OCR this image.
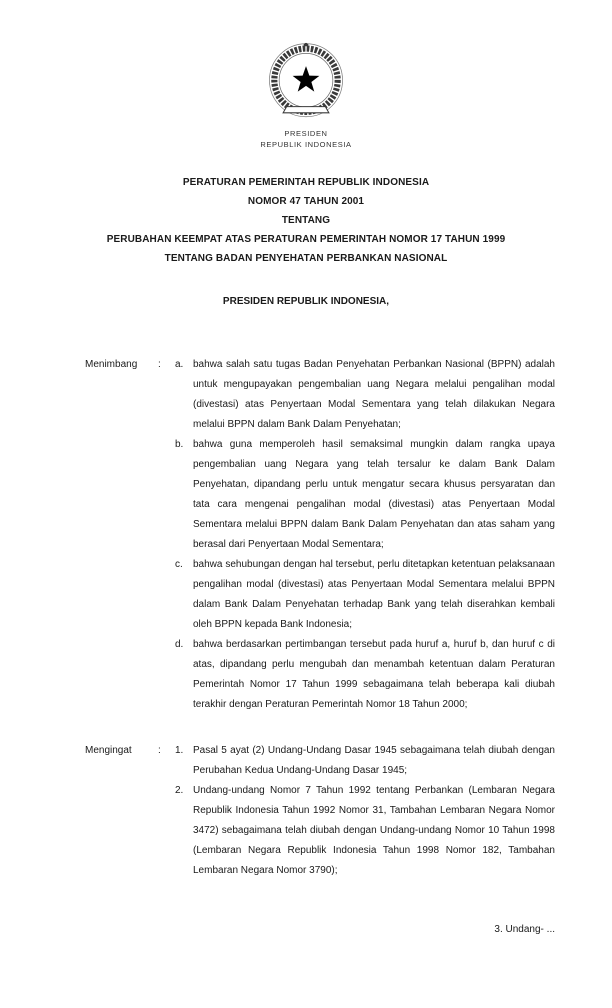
PRESIDEN
REPUBLIK INDONESIA
PERATURAN PEMERINTAH REPUBLIK INDONESIA
NOMOR 47 TAHUN 2001
TENTANG
PERUBAHAN KEEMPAT ATAS PERATURAN PEMERINTAH NOMOR 17 TAHUN 1999
TENTANG BADAN PENYEHATAN PERBANKAN NASIONAL
PRESIDEN REPUBLIK INDONESIA,
Menimbang	:	a. bahwa salah satu tugas Badan Penyehatan Perbankan Nasional (BPPN) adalah untuk mengupayakan pengembalian uang Negara melalui pengalihan modal (divestasi) atas Penyertaan Modal Sementara yang telah dilakukan Negara melalui BPPN dalam Bank Dalam Penyehatan;
b. bahwa guna memperoleh hasil semaksimal mungkin dalam rangka upaya pengembalian uang Negara yang telah tersalur ke dalam Bank Dalam Penyehatan, dipandang perlu untuk mengatur secara khusus persyaratan dan tata cara mengenai pengalihan modal (divestasi) atas Penyertaan Modal Sementara melalui BPPN dalam Bank Dalam Penyehatan dan atas saham yang berasal dari Penyertaan Modal Sementara;
c.	bahwa sehubungan dengan hal tersebut, perlu ditetapkan ketentuan pelaksanaan pengalihan modal (divestasi) atas Penyertaan Modal Sementara melalui BPPN dalam Bank Dalam Penyehatan terhadap Bank yang telah diserahkan kembali oleh BPPN kepada Bank Indonesia;
d. bahwa berdasarkan pertimbangan tersebut pada huruf a, huruf b, dan huruf c di atas, dipandang perlu mengubah dan menambah ketentuan dalam Peraturan Pemerintah Nomor 17 Tahun 1999 sebagaimana telah beberapa kali diubah terakhir dengan Peraturan Pemerintah Nomor 18 Tahun 2000;
Mengingat	:	1. Pasal 5 ayat (2) Undang-Undang Dasar 1945 sebagaimana telah diubah dengan Perubahan Kedua Undang-Undang Dasar 1945;
2. Undang-undang Nomor 7 Tahun 1992 tentang Perbankan (Lembaran Negara Republik Indonesia Tahun 1992 Nomor 31, Tambahan Lembaran Negara Nomor 3472) sebagaimana telah diubah dengan Undang-undang Nomor 10 Tahun 1998 (Lembaran Negara Republik Indonesia Tahun 1998 Nomor 182, Tambahan Lembaran Negara Nomor 3790);
3. Undang- ...
